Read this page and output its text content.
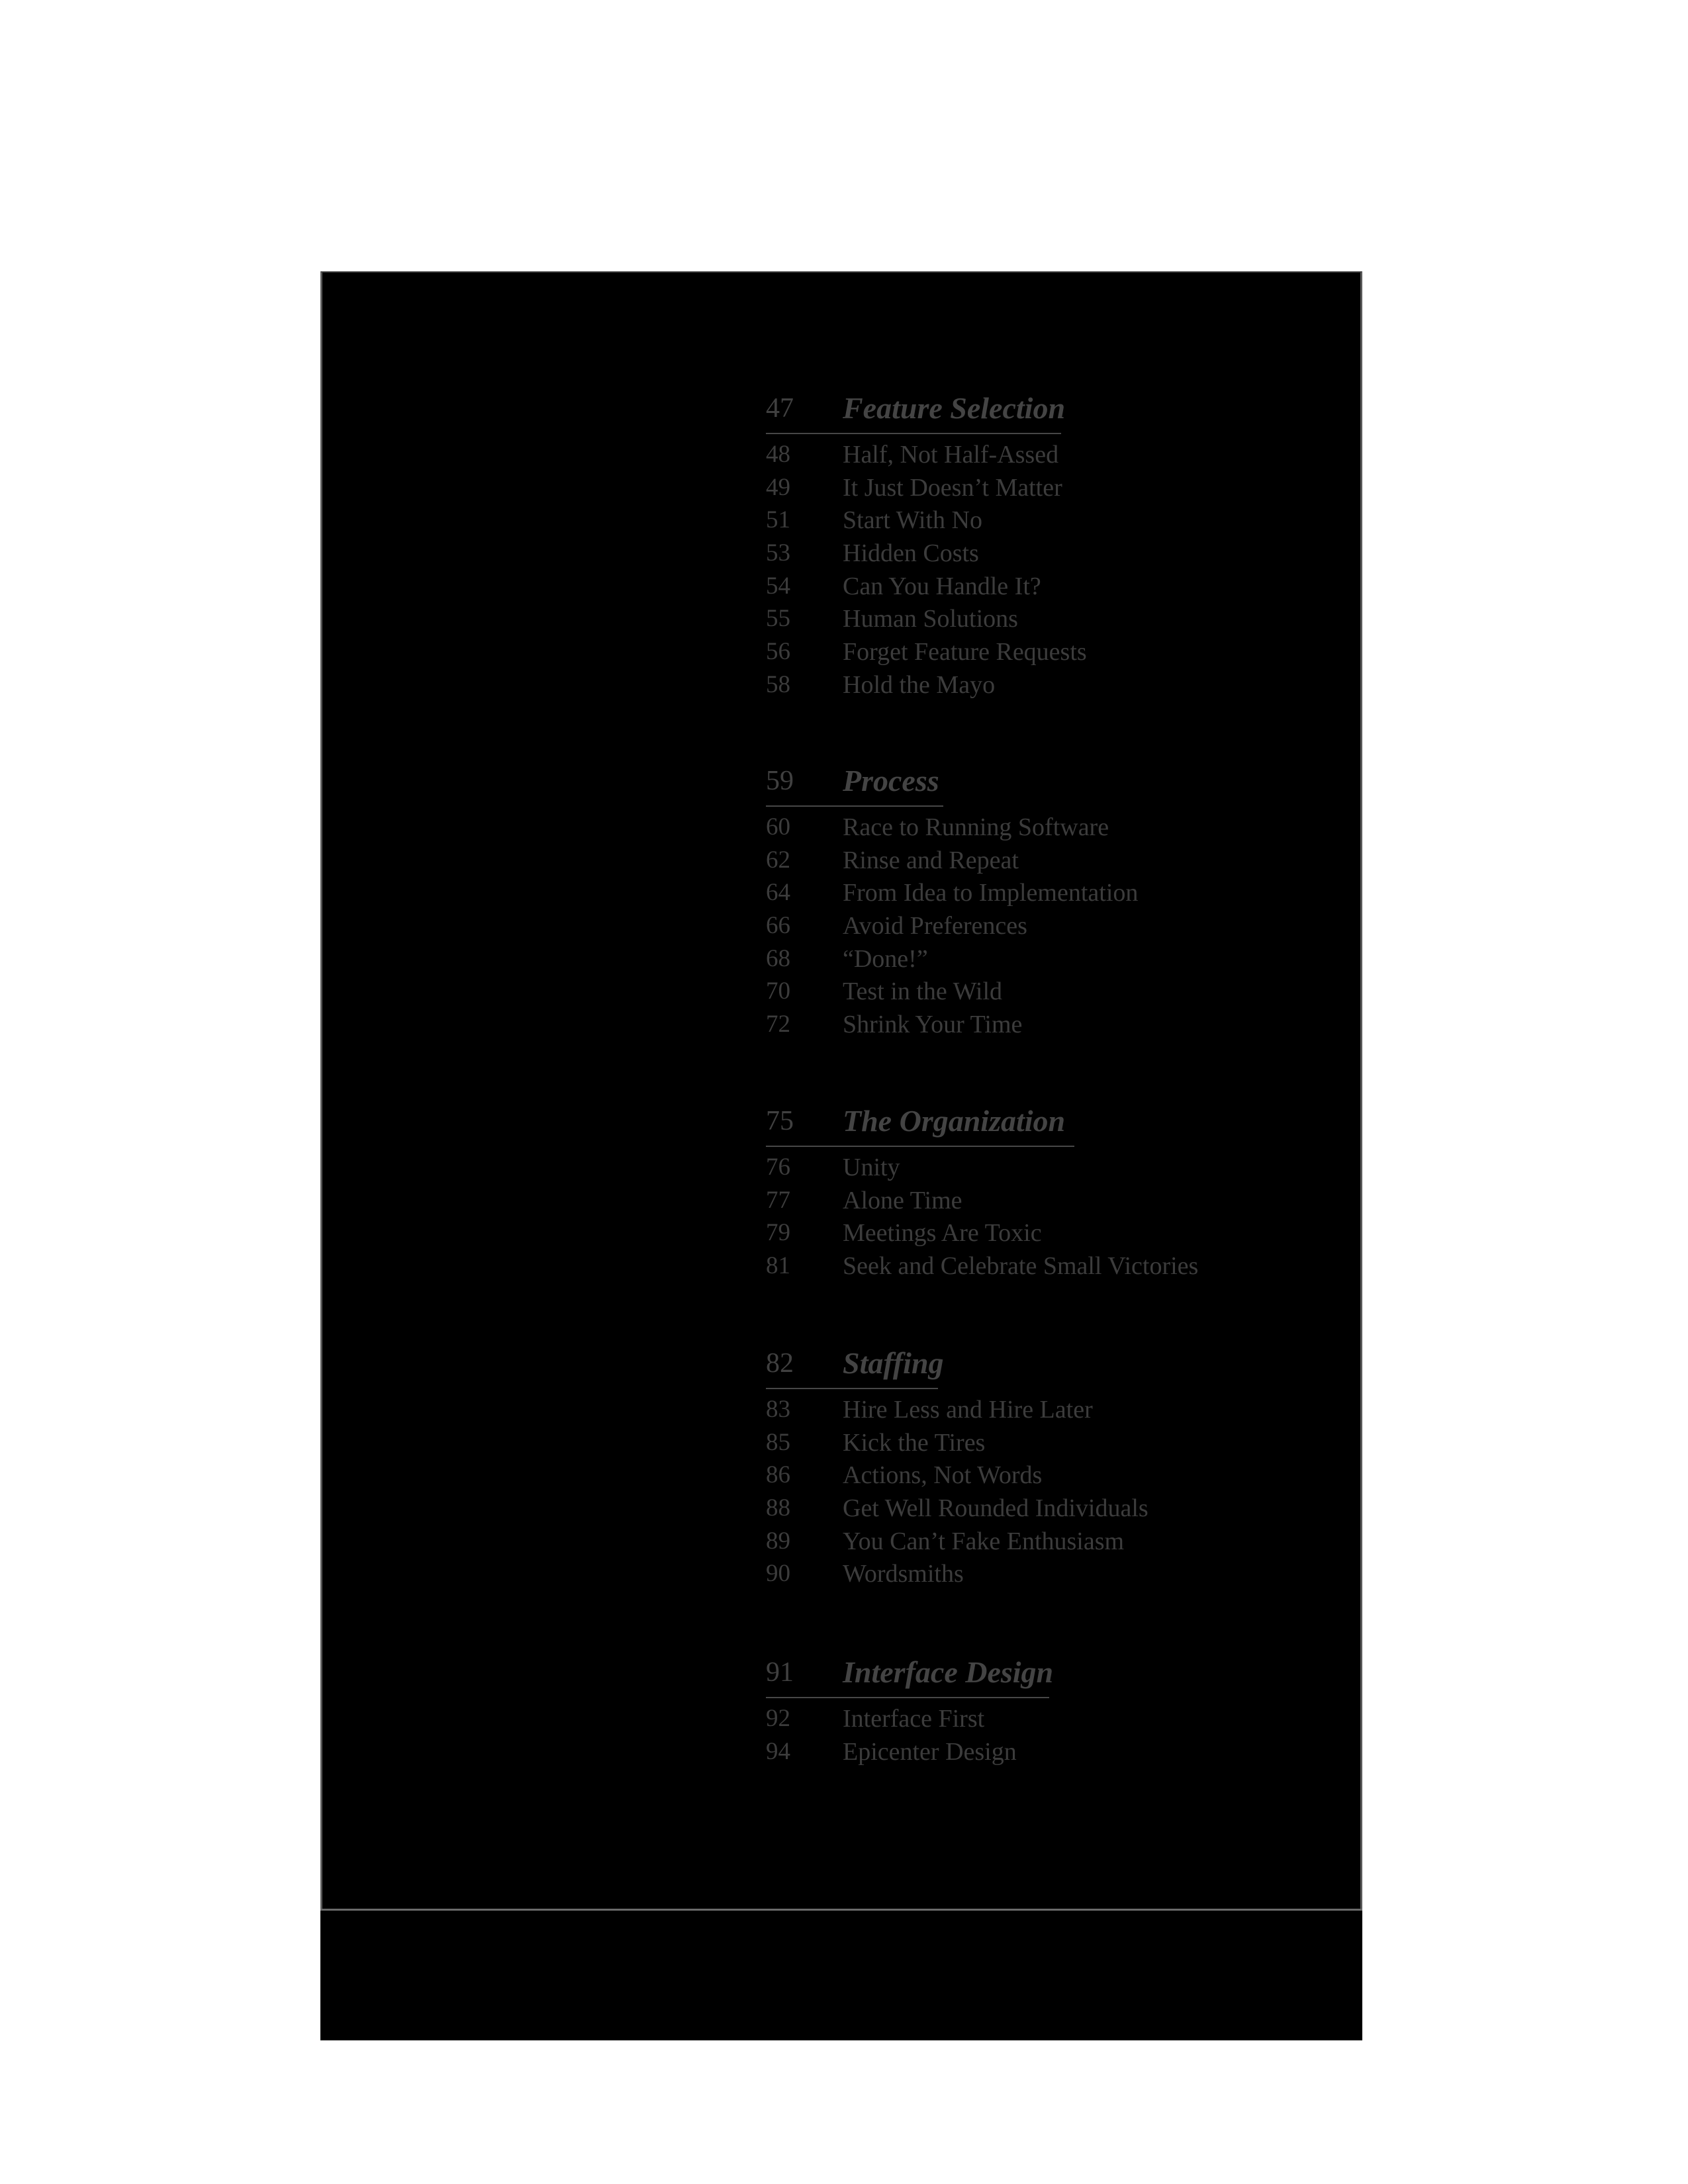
47 Feature Selection
48 Half, Not Half-Assed
49 It Just Doesn’t Matter
51 Start With No
53 Hidden Costs
54 Can You Handle It?
55 Human Solutions
56 Forget Feature Requests
58 Hold the Mayo
59 Process
60 Race to Running Software
62 Rinse and Repeat
64 From Idea to Implementation
66 Avoid Preferences
68 “Done!”
70 Test in the Wild
72 Shrink Your Time
75 The Organization
76 Unity
77 Alone Time
79 Meetings Are Toxic
81 Seek and Celebrate Small Victories
82 Staffing
83 Hire Less and Hire Later
85 Kick the Tires
86 Actions, Not Words
88 Get Well Rounded Individuals
89 You Can’t Fake Enthusiasm
90 Wordsmiths
91 Interface Design
92 Interface First
94 Epicenter Design
